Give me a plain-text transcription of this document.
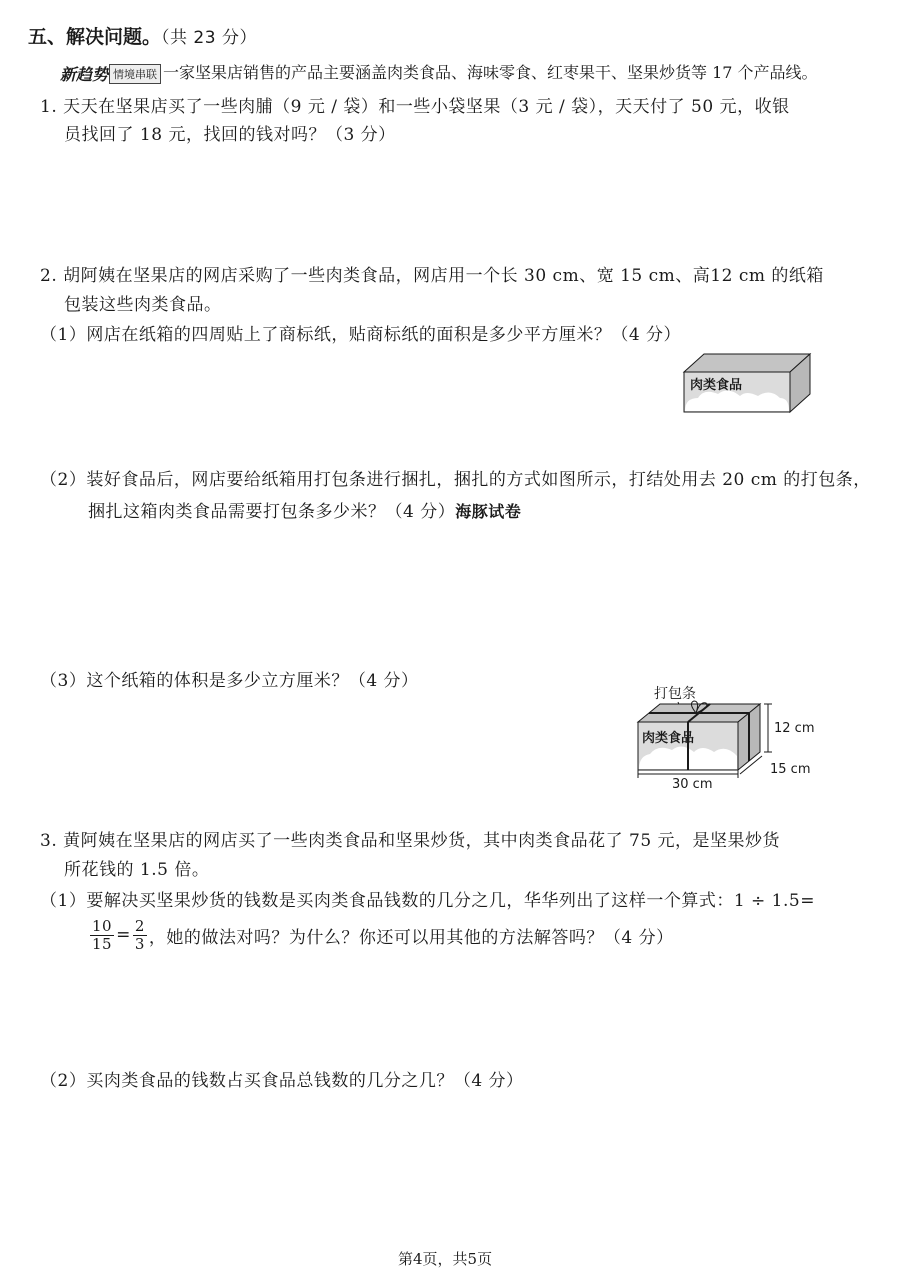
五、解决问题。（共 23 分）
新趋势 情境串联 一家坚果店销售的产品主要涵盖肉类食品、海味零食、红枣果干、坚果炒货等 17 个产品线。
1. 天天在坚果店买了一些肉脯（9 元 / 袋）和一些小袋坚果（3 元 / 袋），天天付了 50 元，收银
员找回了 18 元，找回的钱对吗？（3 分）
2. 胡阿姨在坚果店的网店采购了一些肉类食品，网店用一个长 30 cm、宽 15 cm、高12 cm 的纸箱
包装这些肉类食品。
（1）网店在纸箱的四周贴上了商标纸，贴商标纸的面积是多少平方厘米？（4 分）
肉类食品
（2）装好食品后，网店要给纸箱用打包条进行捆扎，捆扎的方式如图所示，打结处用去 20 cm 的打包条，
捆扎这箱肉类食品需要打包条多少米？（4 分）海豚试卷
（3）这个纸箱的体积是多少立方厘米？（4 分）
打包条
肉类食品
12 cm
15 cm
30 cm
3. 黄阿姨在坚果店的网店买了一些肉类食品和坚果炒货，其中肉类食品花了 75 元，是坚果炒货
所花钱的 1.5 倍。
（1）要解决买坚果炒货的钱数是买肉类食品钱数的几分之几，华华列出了这样一个算式：1 ÷ 1.5=
$\frac{10}{15} = \frac{2}{3}$ ，她的做法对吗？为什么？你还可以用其他的方法解答吗？（4 分）
（2）买肉类食品的钱数占买食品总钱数的几分之几？（4 分）
第4页，共5页
